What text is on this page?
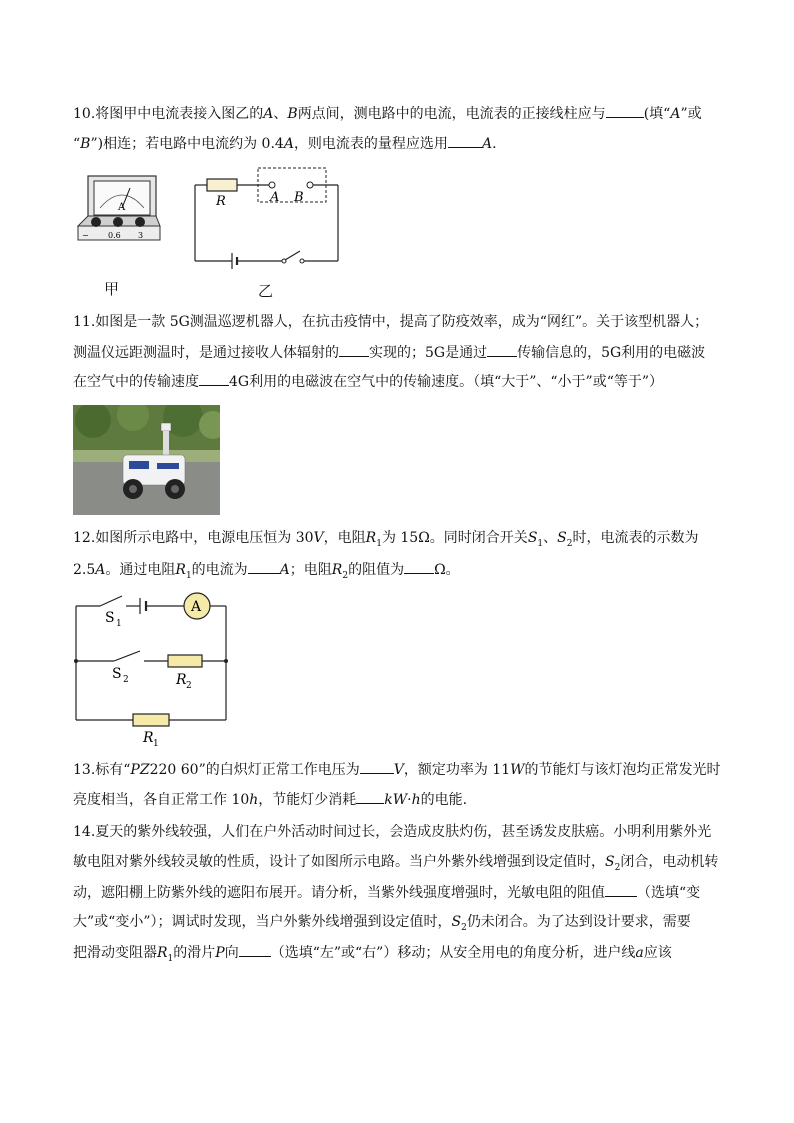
10.将图甲中电流表接入图乙的A、B两点间，测电路中的电流，电流表的正接线柱应与	(填“A”或
“B”)相连；若电路中电流约为 0.4A，则电流表的量程应选用 A.
A
− 0.6 3
甲
R	A B
乙
11.如图是一款 5G测温巡逻机器人，在抗击疫情中，提高了防疫效率，成为“网红”。关于该型机器人；
测温仪远距测温时，是通过接收人体辐射的 实现的；5G是通过 传输信息的，5G利用的电磁波
在空气中的传输速度 4G利用的电磁波在空气中的传输速度。（填“大于”、“小于”或“等于”）
12.如图所示电路中，电源电压恒为 30V，电阻$R_1$为 15Ω。同时闭合开关$S_1$、$S_2$时，电流表的示数为
2.5A。通过电阻$R_1$的电流为 A；电阻$R_2$的阻值为 Ω。
A
S 1
S 2	R 2
R 1
13.标有“PZ220 60”的白炽灯正常工作电压为 V，额定功率为 11W的节能灯与该灯泡均正常发光时
亮度相当，各自正常工作 10h，节能灯少消耗 kW·h的电能.
14.夏天的紫外线较强，人们在户外活动时间过长，会造成皮肤灼伤，甚至诱发皮肤癌。小明利用紫外光
敏电阻对紫外线较灵敏的性质，设计了如图所示电路。当户外紫外线增强到设定值时，$S_2$闭合，电动机转
动，遮阳棚上防紫外线的遮阳布展开。请分析，当紫外线强度增强时，光敏电阻的阻值 （选填“变
大”或“变小”）；调试时发现，当户外紫外线增强到设定值时，$S_2$仍未闭合。为了达到设计要求，需要
把滑动变阻器$R_1$的滑片P向 （选填“左”或“右”）移动；从安全用电的角度分析，进户线a应该
